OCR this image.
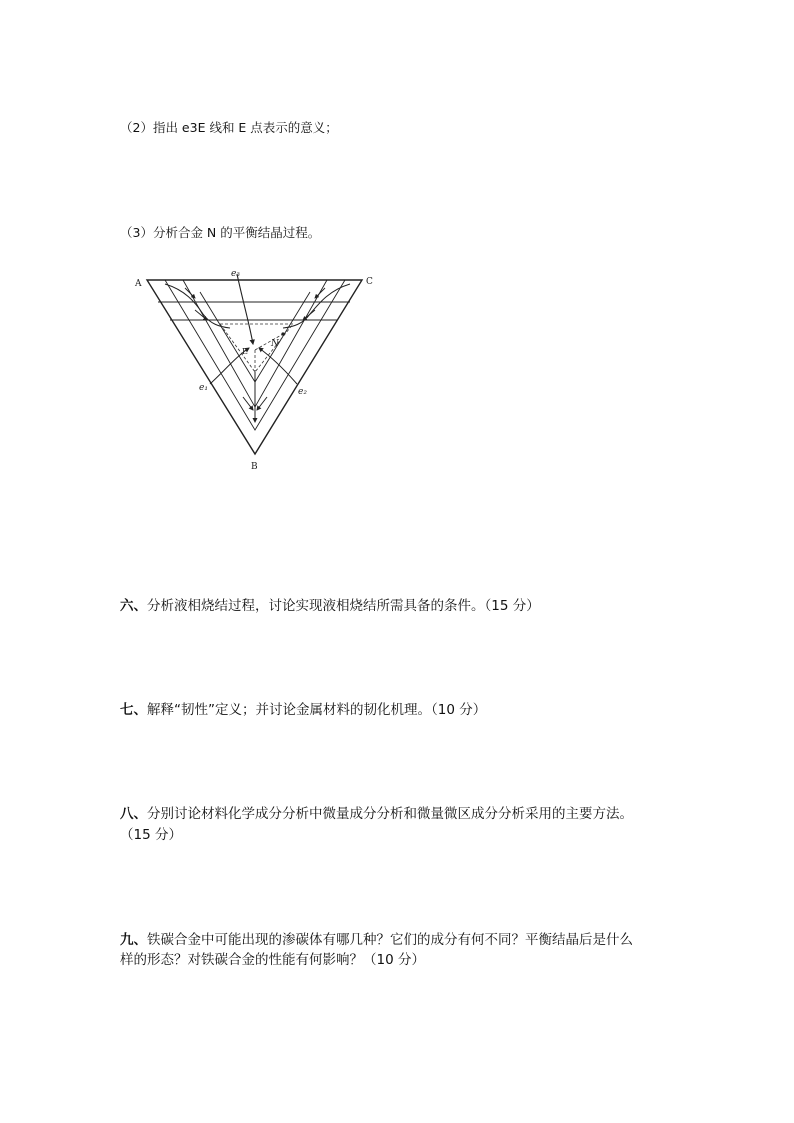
（2）指出 e3E 线和 E 点表示的意义；
（3）分析合金 N 的平衡结晶过程。
A	C
B
e₃
e₁	e₂
E
N
六、分析液相烧结过程，讨论实现液相烧结所需具备的条件。（15 分）
七、解释“韧性”定义；并讨论金属材料的韧化机理。（10 分）
八、分别讨论材料化学成分分析中微量成分分析和微量微区成分分析采用的主要方法。
（15 分）
九、铁碳合金中可能出现的渗碳体有哪几种？它们的成分有何不同？平衡结晶后是什么
样的形态？对铁碳合金的性能有何影响？（10 分）
